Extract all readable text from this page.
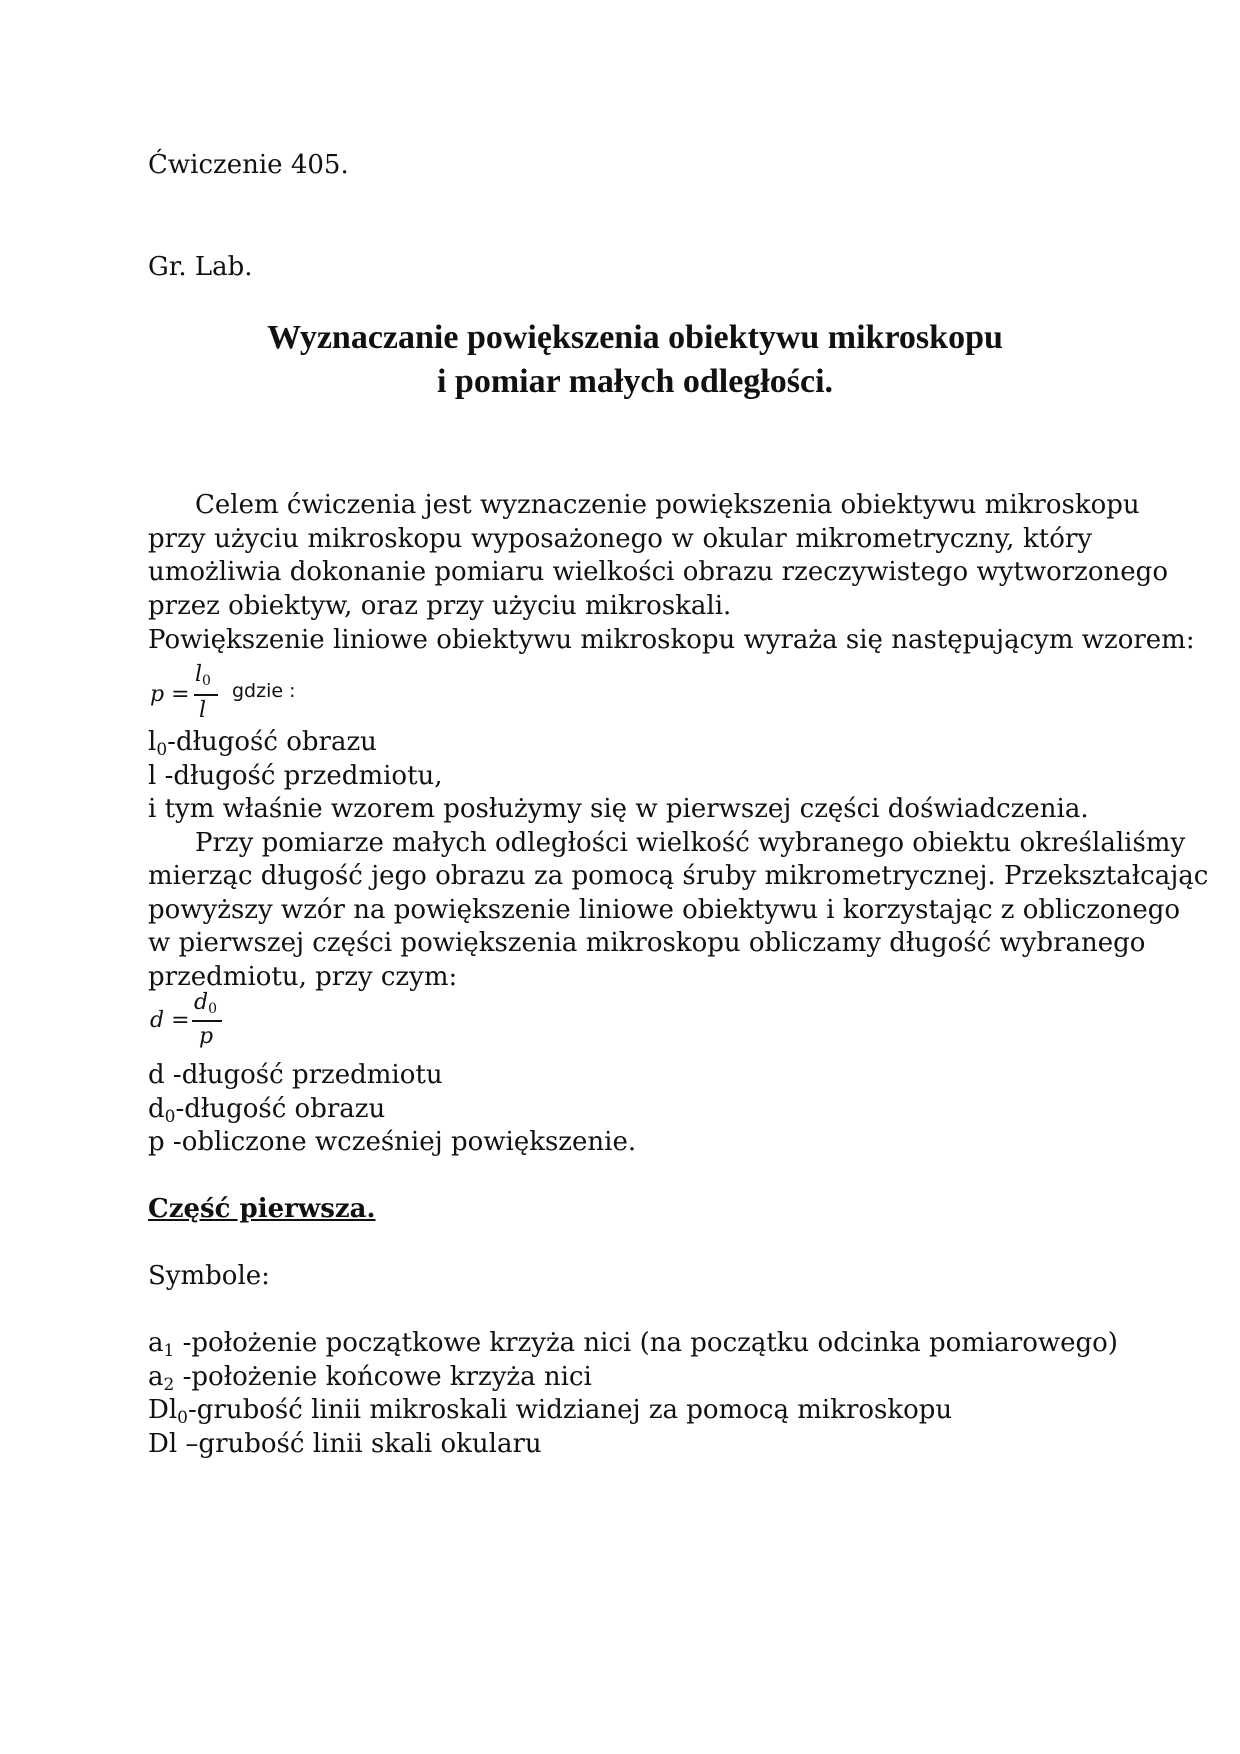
Ćwiczenie 405.
Gr. Lab.
Wyznaczanie powiększenia obiektywu mikroskopu
i pomiar małych odległości.
Celem ćwiczenia jest wyznaczenie powiększenia obiektywu mikroskopu
przy użyciu mikroskopu wyposażonego w okular mikrometryczny, który
umożliwia dokonanie pomiaru wielkości obrazu rzeczywistego wytworzonego
przez obiektyw, oraz przy użyciu mikroskali.
Powiększenie liniowe obiektywu mikroskopu wyraża się następującym wzorem:
p =
l0
l
gdzie :
$l_0$-długość obrazu
l -długość przedmiotu,
i tym właśnie wzorem posłużymy się w pierwszej części doświadczenia.
Przy pomiarze małych odległości wielkość wybranego obiektu określaliśmy
mierząc długość jego obrazu za pomocą śruby mikrometrycznej. Przekształcając
powyższy wzór na powiększenie liniowe obiektywu i korzystając z obliczonego
w pierwszej części powiększenia mikroskopu obliczamy długość wybranego
przedmiotu, przy czym:
d =
d0
p
d -długość przedmiotu
$d_0$-długość obrazu
p -obliczone wcześniej powiększenie.
Część pierwsza.
Symbole:
$a_1$ -położenie początkowe krzyża nici (na początku odcinka pomiarowego)
$a_2$ -położenie końcowe krzyża nici
$Dl_0$-grubość linii mikroskali widzianej za pomocą mikroskopu
Dl –grubość linii skali okularu
